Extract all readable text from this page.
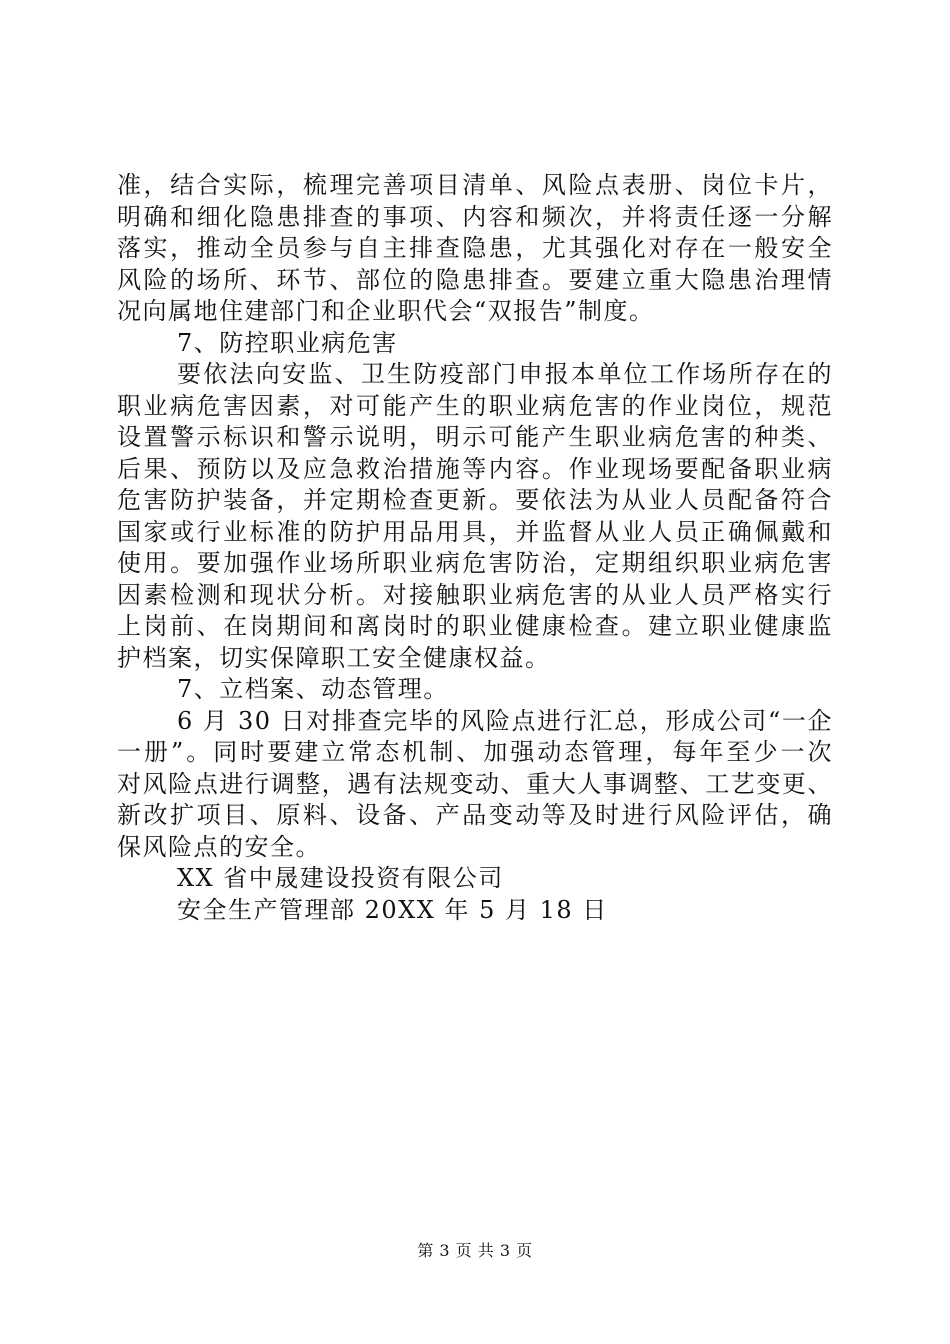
准，结合实际，梳理完善项目清单、风险点表册、岗位卡片，
明确和细化隐患排查的事项、内容和频次，并将责任逐一分解
落实，推动全员参与自主排查隐患，尤其强化对存在一般安全
风险的场所、环节、部位的隐患排查。要建立重大隐患治理情
况向属地住建部门和企业职代会“双报告”制度。
7、防控职业病危害
要依法向安监、卫生防疫部门申报本单位工作场所存在的
职业病危害因素，对可能产生的职业病危害的作业岗位，规范
设置警示标识和警示说明，明示可能产生职业病危害的种类、
后果、预防以及应急救治措施等内容。作业现场要配备职业病
危害防护装备，并定期检查更新。要依法为从业人员配备符合
国家或行业标准的防护用品用具，并监督从业人员正确佩戴和
使用。要加强作业场所职业病危害防治，定期组织职业病危害
因素检测和现状分析。对接触职业病危害的从业人员严格实行
上岗前、在岗期间和离岗时的职业健康检查。建立职业健康监
护档案，切实保障职工安全健康权益。
7、立档案、动态管理。
6 月 30 日对排查完毕的风险点进行汇总，形成公司“一企
一册”。同时要建立常态机制、加强动态管理，每年至少一次
对风险点进行调整，遇有法规变动、重大人事调整、工艺变更、
新改扩项目、原料、设备、产品变动等及时进行风险评估，确
保风险点的安全。
XX 省中晟建设投资有限公司
安全生产管理部 20XX 年 5 月 18 日
第 3 页 共 3 页
